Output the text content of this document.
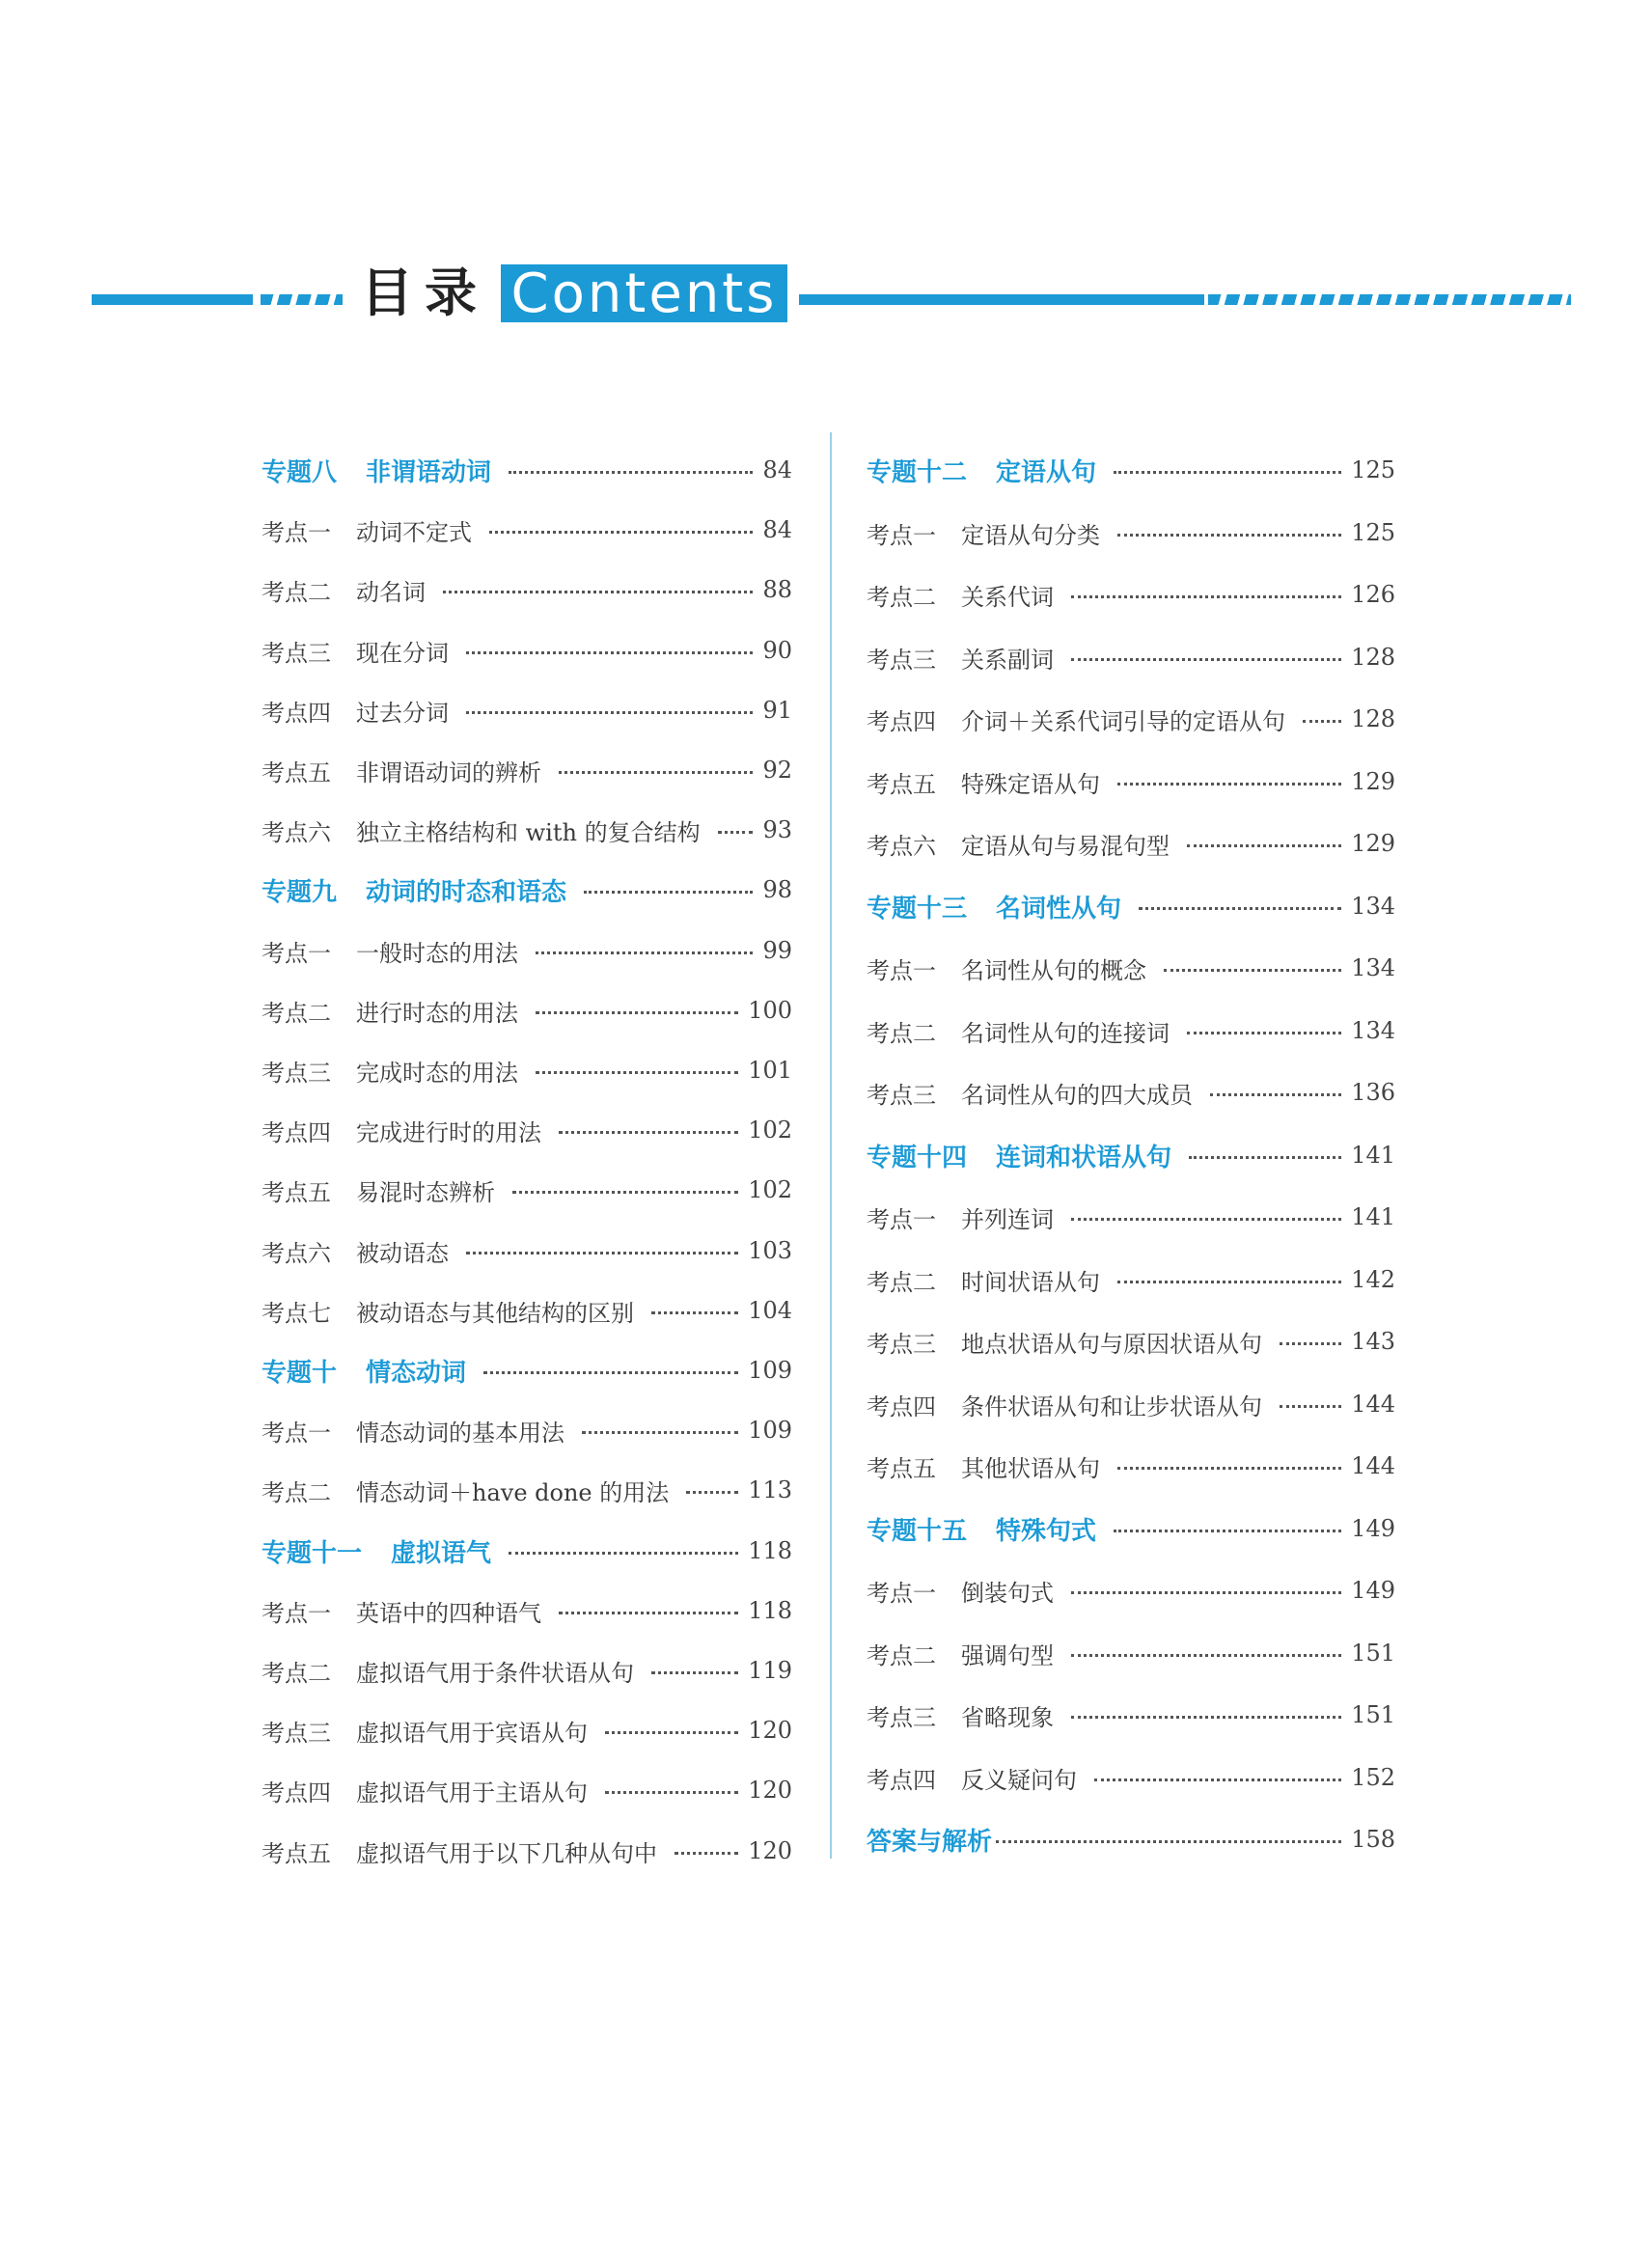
目录 Contents
专题八 非谓语动词	84
考点一 动词不定式	84
考点二 动名词	88
考点三 现在分词	90
考点四 过去分词	91
考点五 非谓语动词的辨析	92
考点六 独立主格结构和 with 的复合结构	93
专题九 动词的时态和语态	98
考点一 一般时态的用法	99
考点二 进行时态的用法	100
考点三 完成时态的用法	101
考点四 完成进行时的用法	102
考点五 易混时态辨析	102
考点六 被动语态	103
考点七 被动语态与其他结构的区别	104
专题十 情态动词	109
考点一 情态动词的基本用法	109
考点二 情态动词＋have done 的用法	113
专题十一 虚拟语气	118
考点一 英语中的四种语气	118
考点二 虚拟语气用于条件状语从句	119
考点三 虚拟语气用于宾语从句	120
考点四 虚拟语气用于主语从句	120
考点五 虚拟语气用于以下几种从句中	120
专题十二 定语从句	125
考点一 定语从句分类	125
考点二 关系代词	126
考点三 关系副词	128
考点四 介词＋关系代词引导的定语从句	128
考点五 特殊定语从句	129
考点六 定语从句与易混句型	129
专题十三 名词性从句	134
考点一 名词性从句的概念	134
考点二 名词性从句的连接词	134
考点三 名词性从句的四大成员	136
专题十四 连词和状语从句	141
考点一 并列连词	141
考点二 时间状语从句	142
考点三 地点状语从句与原因状语从句	143
考点四 条件状语从句和让步状语从句	144
考点五 其他状语从句	144
专题十五 特殊句式	149
考点一 倒装句式	149
考点二 强调句型	151
考点三 省略现象	151
考点四 反义疑问句	152
答案与解析	158
